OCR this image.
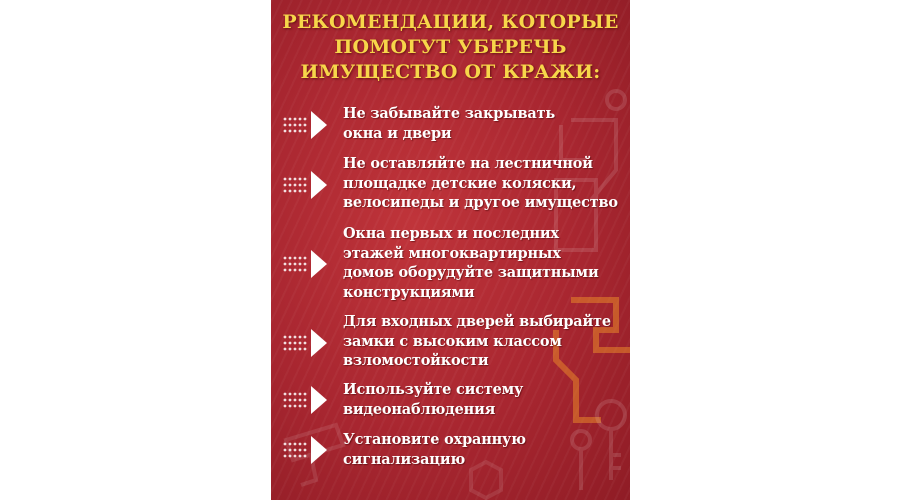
РЕКОМЕНДАЦИИ, КОТОРЫЕ
ПОМОГУТ УБЕРЕЧЬ
ИМУЩЕСТВО ОТ КРАЖИ:
Не забывайте закрывать
окна и двери
Не оставляйте на лестничной
площадке детские коляски,
велосипеды и другое имущество
Окна первых и последних
этажей многоквартирных
домов оборудуйте защитными
конструкциями
Для входных дверей выбирайте
замки с высоким классом
взломостойкости
Используйте систему
видеонаблюдения
Установите охранную
сигнализацию
